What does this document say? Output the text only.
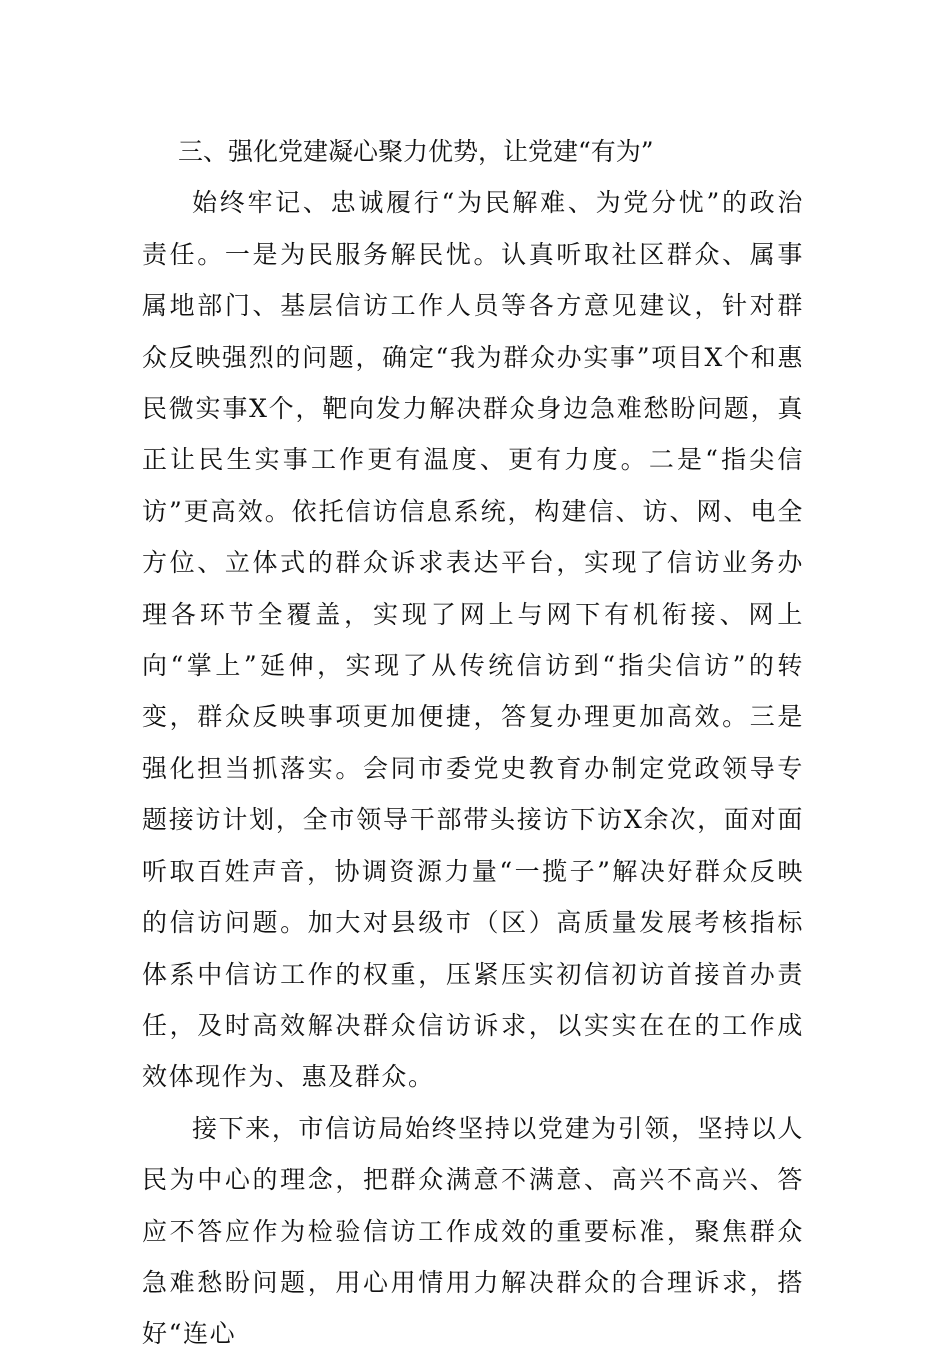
三、强化党建凝心聚力优势，让党建“有为”

始终牢记、忠诚履行“为民解难、为党分忧”的政治责任。一是为民服务解民忧。认真听取社区群众、属事属地部门、基层信访工作人员等各方意见建议，针对群众反映强烈的问题，确定“我为群众办实事”项目X个和惠民微实事X个，靶向发力解决群众身边急难愁盼问题，真正让民生实事工作更有温度、更有力度。二是“指尖信访”更高效。依托信访信息系统，构建信、访、网、电全方位、立体式的群众诉求表达平台，实现了信访业务办理各环节全覆盖，实现了网上与网下有机衔接、网上向“掌上”延伸，实现了从传统信访到“指尖信访”的转变，群众反映事项更加便捷，答复办理更加高效。三是强化担当抓落实。会同市委党史教育办制定党政领导专题接访计划，全市领导干部带头接访下访X余次，面对面听取百姓声音，协调资源力量“一揽子”解决好群众反映的信访问题。加大对县级市（区）高质量发展考核指标体系中信访工作的权重，压紧压实初信初访首接首办责任，及时高效解决群众信访诉求，以实实在在的工作成效体现作为、惠及群众。

接下来，市信访局始终坚持以党建为引领，坚持以人民为中心的理念，把群众满意不满意、高兴不高兴、答应不答应作为检验信访工作成效的重要标准，聚焦群众急难愁盼问题，用心用情用力解决群众的合理诉求，搭好“连心
